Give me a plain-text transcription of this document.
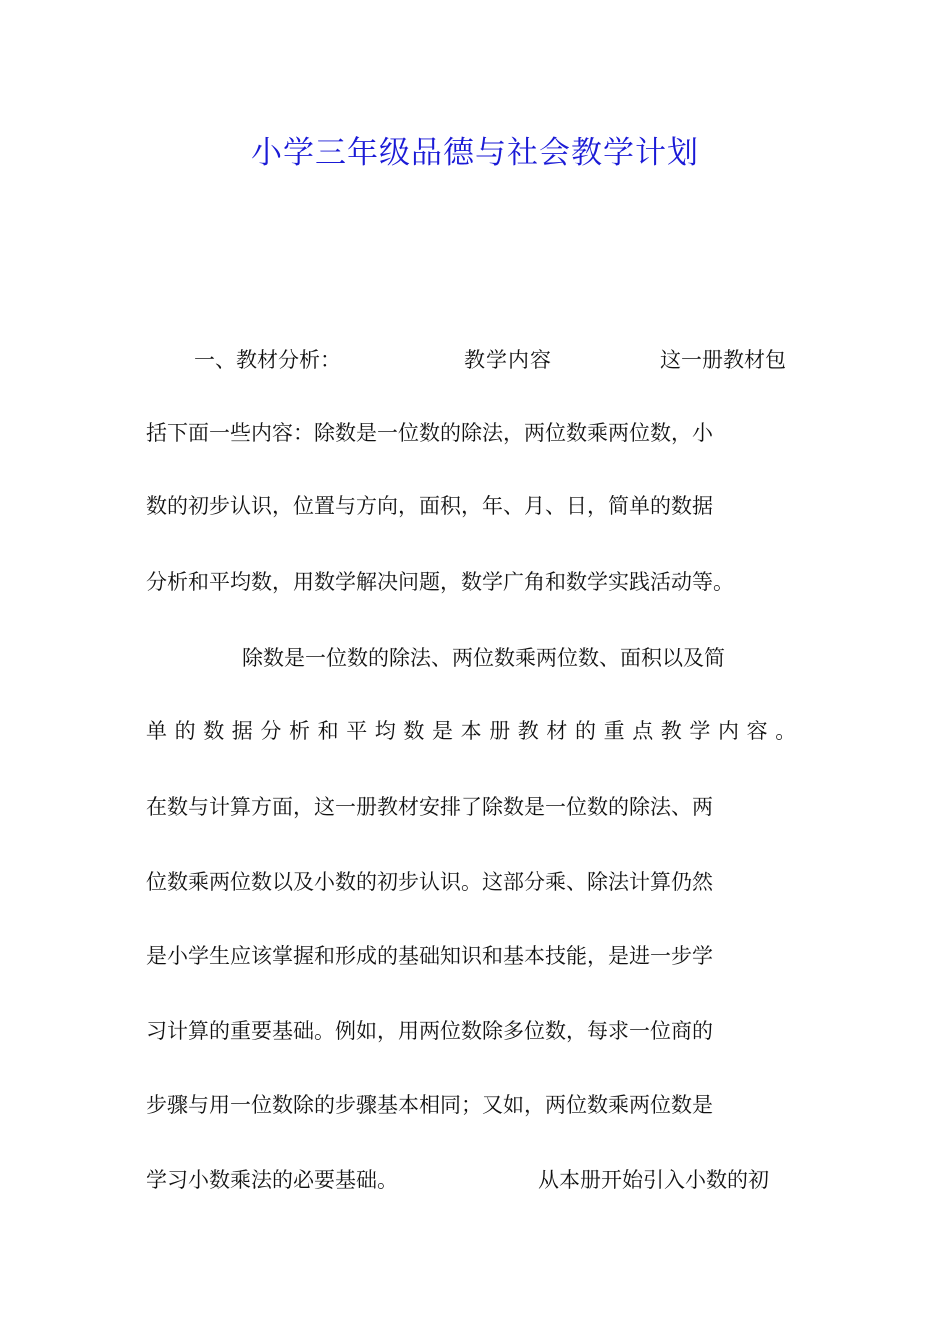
小学三年级品德与社会教学计划
一、教材分析：	教学内容	这一册教材包
括下面一些内容：除数是一位数的除法，两位数乘两位数，小
数的初步认识，位置与方向，面积，年、月、日，简单的数据
分析和平均数，用数学解决问题，数学广角和数学实践活动等。
除数是一位数的除法、两位数乘两位数、面积以及简
单的数据分析和平均数是本册教材的重点教学内容。
在数与计算方面，这一册教材安排了除数是一位数的除法、两
位数乘两位数以及小数的初步认识。这部分乘、除法计算仍然
是小学生应该掌握和形成的基础知识和基本技能，是进一步学
习计算的重要基础。例如，用两位数除多位数，每求一位商的
步骤与用一位数除的步骤基本相同；又如，两位数乘两位数是
学习小数乘法的必要基础。	从本册开始引入小数的初
